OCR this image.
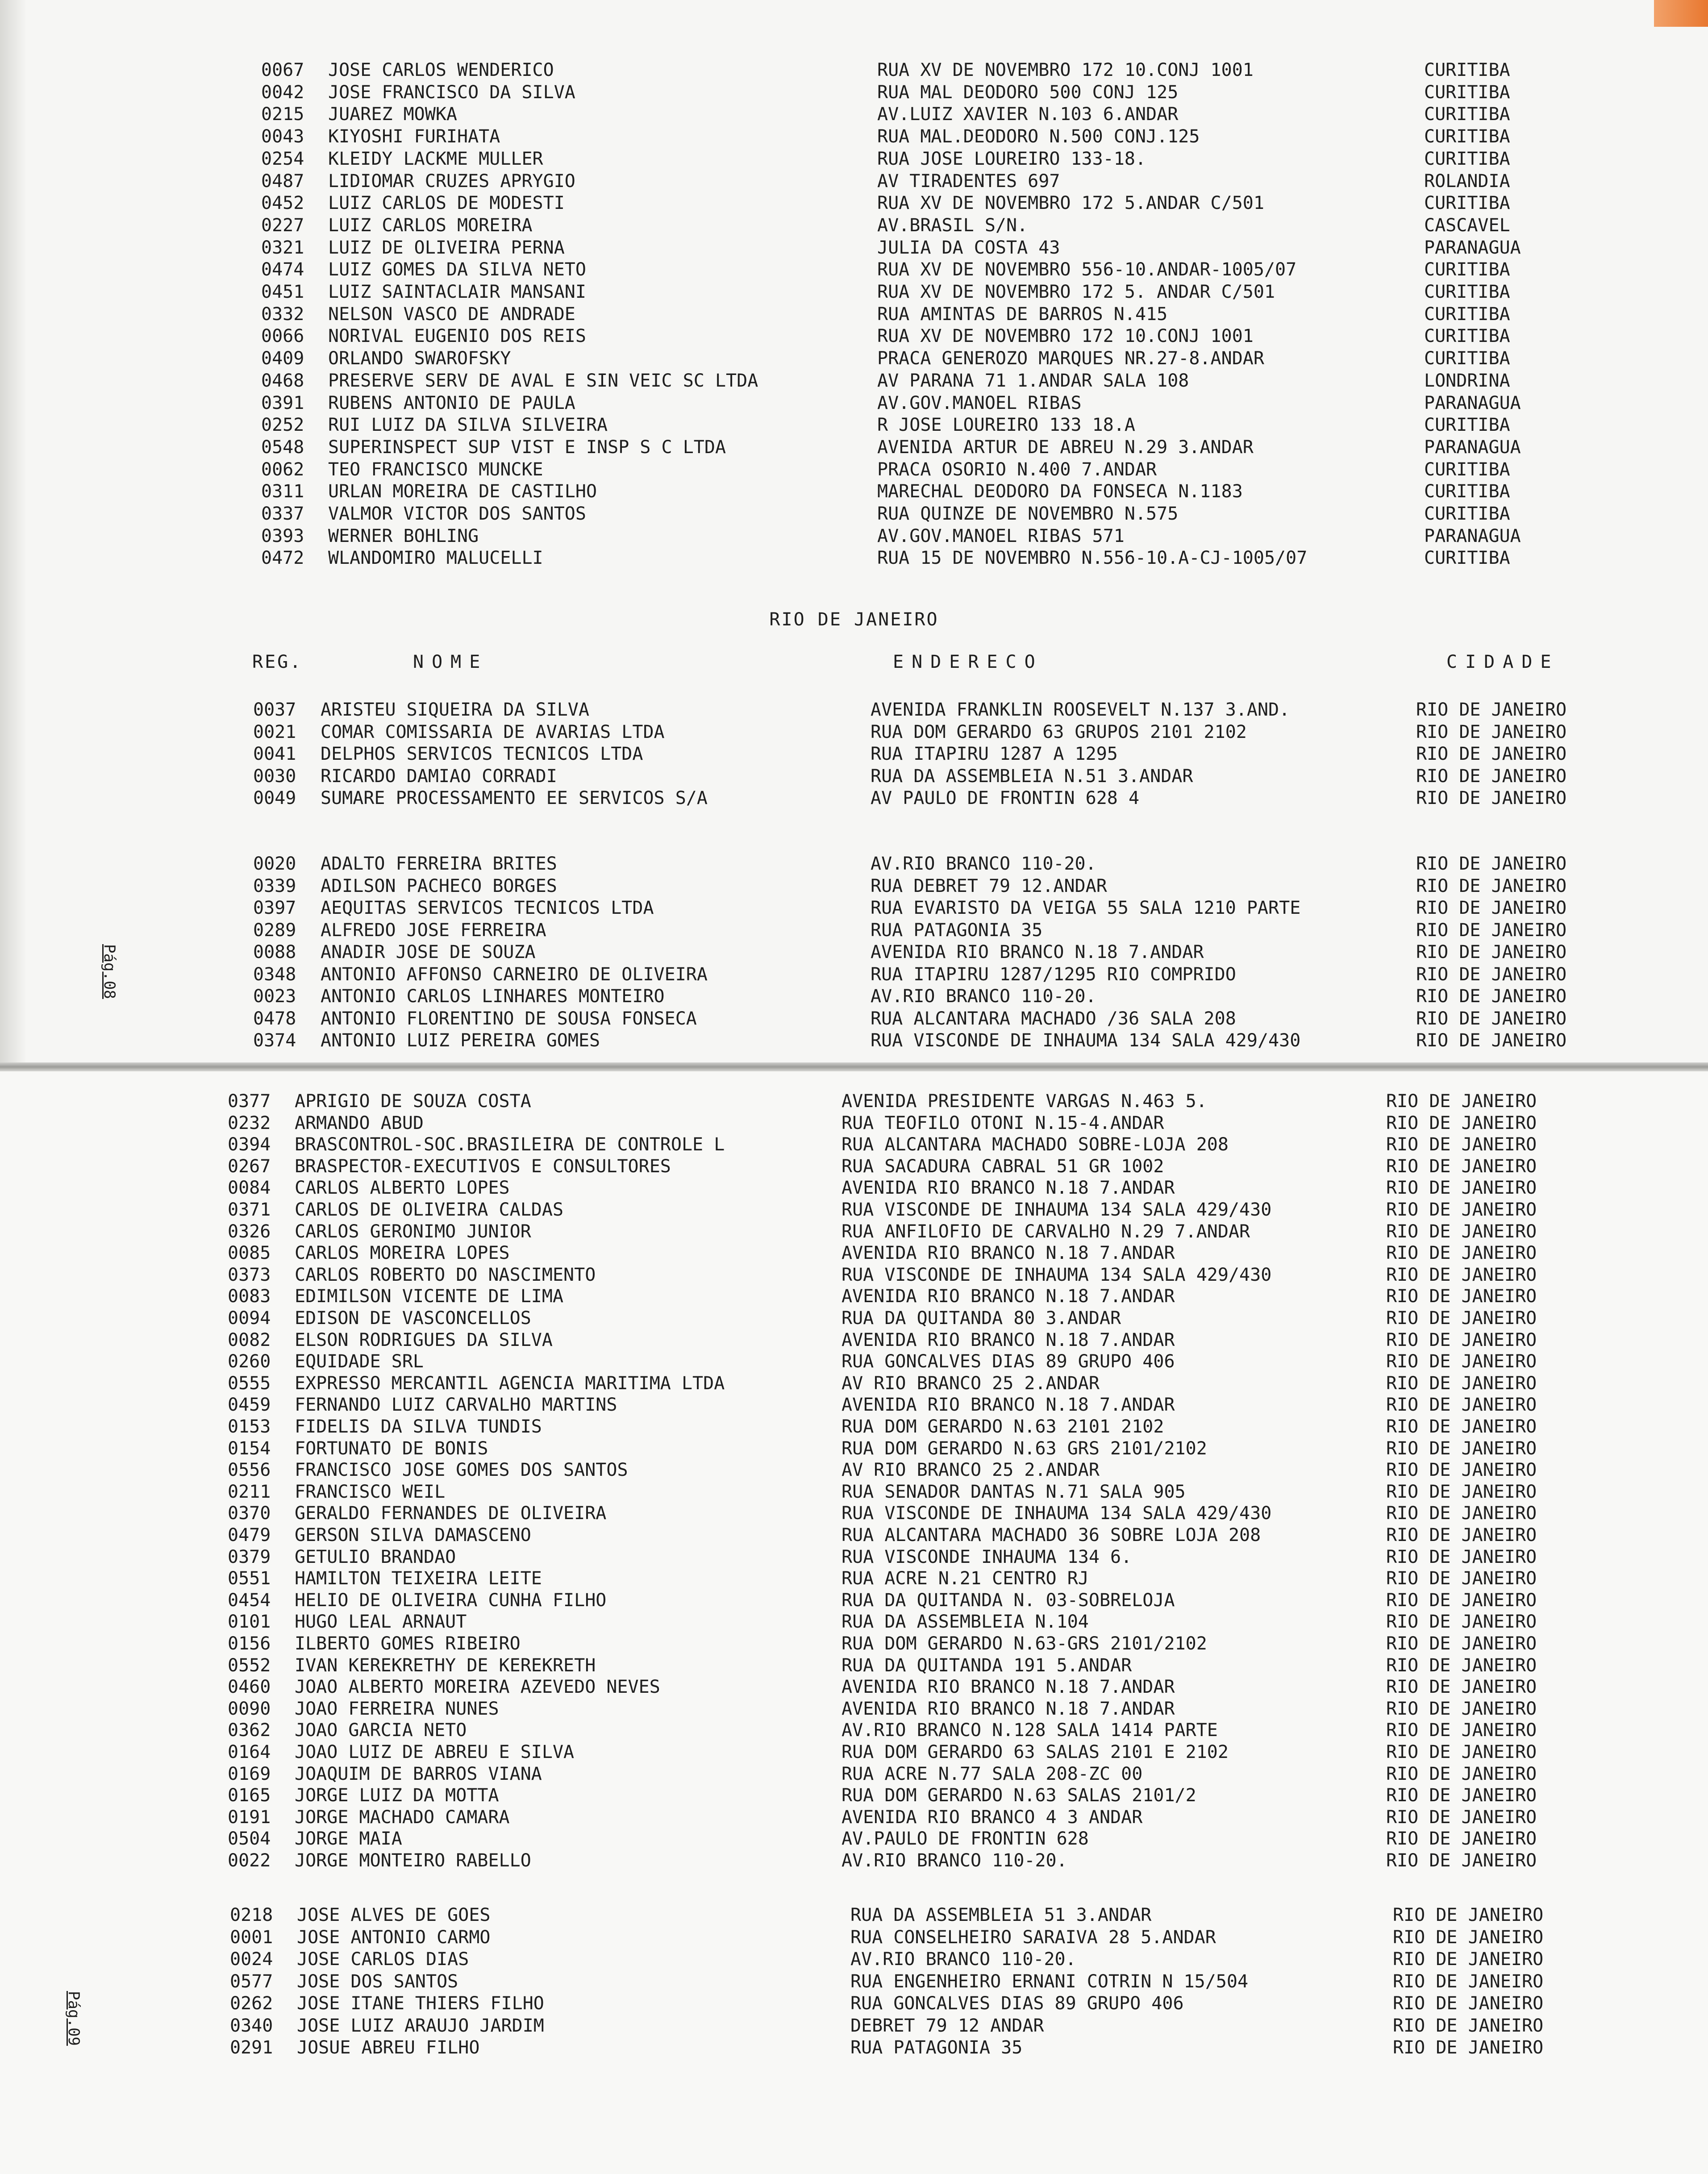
0067 JOSE CARLOS WENDERICO	RUA XV DE NOVEMBRO 172 10.CONJ 1001	CURITIBA
0042 JOSE FRANCISCO DA SILVA	RUA MAL DEODORO 500 CONJ 125	CURITIBA
0215 JUAREZ MOWKA	AV.LUIZ XAVIER N.103 6.ANDAR	CURITIBA
0043 KIYOSHI FURIHATA	RUA MAL.DEODORO N.500 CONJ.125	CURITIBA
0254 KLEIDY LACKME MULLER	RUA JOSE LOUREIRO 133-18.	CURITIBA
0487 LIDIOMAR CRUZES APRYGIO	AV TIRADENTES 697	ROLANDIA
0452 LUIZ CARLOS DE MODESTI	RUA XV DE NOVEMBRO 172 5.ANDAR C/501	CURITIBA
0227 LUIZ CARLOS MOREIRA	AV.BRASIL S/N.	CASCAVEL
0321 LUIZ DE OLIVEIRA PERNA	JULIA DA COSTA 43	PARANAGUA
0474 LUIZ GOMES DA SILVA NETO	RUA XV DE NOVEMBRO 556-10.ANDAR-1005/07	CURITIBA
0451 LUIZ SAINTACLAIR MANSANI	RUA XV DE NOVEMBRO 172 5. ANDAR C/501	CURITIBA
0332 NELSON VASCO DE ANDRADE	RUA AMINTAS DE BARROS N.415	CURITIBA
0066 NORIVAL EUGENIO DOS REIS	RUA XV DE NOVEMBRO 172 10.CONJ 1001	CURITIBA
0409 ORLANDO SWAROFSKY	PRACA GENEROZO MARQUES NR.27-8.ANDAR	CURITIBA
0468 PRESERVE SERV DE AVAL E SIN VEIC SC LTDA	AV PARANA 71 1.ANDAR SALA 108	LONDRINA
0391 RUBENS ANTONIO DE PAULA	AV.GOV.MANOEL RIBAS	PARANAGUA
0252 RUI LUIZ DA SILVA SILVEIRA	R JOSE LOUREIRO 133 18.A	CURITIBA
0548 SUPERINSPECT SUP VIST E INSP S C LTDA	AVENIDA ARTUR DE ABREU N.29 3.ANDAR	PARANAGUA
0062 TEO FRANCISCO MUNCKE	PRACA OSORIO N.400 7.ANDAR	CURITIBA
0311 URLAN MOREIRA DE CASTILHO	MARECHAL DEODORO DA FONSECA N.1183	CURITIBA
0337 VALMOR VICTOR DOS SANTOS	RUA QUINZE DE NOVEMBRO N.575	CURITIBA
0393 WERNER BOHLING	AV.GOV.MANOEL RIBAS 571	PARANAGUA
0472 WLANDOMIRO MALUCELLI	RUA 15 DE NOVEMBRO N.556-10.A-CJ-1005/07	CURITIBA
0037 ARISTEU SIQUEIRA DA SILVA	AVENIDA FRANKLIN ROOSEVELT N.137 3.AND.	RIO DE JANEIRO
0021 COMAR COMISSARIA DE AVARIAS LTDA	RUA DOM GERARDO 63 GRUPOS 2101 2102	RIO DE JANEIRO
0041 DELPHOS SERVICOS TECNICOS LTDA	RUA ITAPIRU 1287 A 1295	RIO DE JANEIRO
0030 RICARDO DAMIAO CORRADI	RUA DA ASSEMBLEIA N.51 3.ANDAR	RIO DE JANEIRO
0049 SUMARE PROCESSAMENTO EE SERVICOS S/A	AV PAULO DE FRONTIN 628 4	RIO DE JANEIRO
0020 ADALTO FERREIRA BRITES	AV.RIO BRANCO 110-20.	RIO DE JANEIRO
0339 ADILSON PACHECO BORGES	RUA DEBRET 79 12.ANDAR	RIO DE JANEIRO
0397 AEQUITAS SERVICOS TECNICOS LTDA	RUA EVARISTO DA VEIGA 55 SALA 1210 PARTE	RIO DE JANEIRO
0289 ALFREDO JOSE FERREIRA	RUA PATAGONIA 35	RIO DE JANEIRO
0088 ANADIR JOSE DE SOUZA	AVENIDA RIO BRANCO N.18 7.ANDAR	RIO DE JANEIRO
0348 ANTONIO AFFONSO CARNEIRO DE OLIVEIRA	RUA ITAPIRU 1287/1295 RIO COMPRIDO	RIO DE JANEIRO
0023 ANTONIO CARLOS LINHARES MONTEIRO	AV.RIO BRANCO 110-20.	RIO DE JANEIRO
0478 ANTONIO FLORENTINO DE SOUSA FONSECA	RUA ALCANTARA MACHADO /36 SALA 208	RIO DE JANEIRO
0374 ANTONIO LUIZ PEREIRA GOMES	RUA VISCONDE DE INHAUMA 134 SALA 429/430	RIO DE JANEIRO
0377 APRIGIO DE SOUZA COSTA	AVENIDA PRESIDENTE VARGAS N.463 5.	RIO DE JANEIRO
0232 ARMANDO ABUD	RUA TEOFILO OTONI N.15-4.ANDAR	RIO DE JANEIRO
0394 BRASCONTROL-SOC.BRASILEIRA DE CONTROLE L	RUA ALCANTARA MACHADO SOBRE-LOJA 208	RIO DE JANEIRO
0267 BRASPECTOR-EXECUTIVOS E CONSULTORES	RUA SACADURA CABRAL 51 GR 1002	RIO DE JANEIRO
0084 CARLOS ALBERTO LOPES	AVENIDA RIO BRANCO N.18 7.ANDAR	RIO DE JANEIRO
0371 CARLOS DE OLIVEIRA CALDAS	RUA VISCONDE DE INHAUMA 134 SALA 429/430	RIO DE JANEIRO
0326 CARLOS GERONIMO JUNIOR	RUA ANFILOFIO DE CARVALHO N.29 7.ANDAR	RIO DE JANEIRO
0085 CARLOS MOREIRA LOPES	AVENIDA RIO BRANCO N.18 7.ANDAR	RIO DE JANEIRO
0373 CARLOS ROBERTO DO NASCIMENTO	RUA VISCONDE DE INHAUMA 134 SALA 429/430	RIO DE JANEIRO
0083 EDIMILSON VICENTE DE LIMA	AVENIDA RIO BRANCO N.18 7.ANDAR	RIO DE JANEIRO
0094 EDISON DE VASCONCELLOS	RUA DA QUITANDA 80 3.ANDAR	RIO DE JANEIRO
0082 ELSON RODRIGUES DA SILVA	AVENIDA RIO BRANCO N.18 7.ANDAR	RIO DE JANEIRO
0260 EQUIDADE SRL	RUA GONCALVES DIAS 89 GRUPO 406	RIO DE JANEIRO
0555 EXPRESSO MERCANTIL AGENCIA MARITIMA LTDA	AV RIO BRANCO 25 2.ANDAR	RIO DE JANEIRO
0459 FERNANDO LUIZ CARVALHO MARTINS	AVENIDA RIO BRANCO N.18 7.ANDAR	RIO DE JANEIRO
0153 FIDELIS DA SILVA TUNDIS	RUA DOM GERARDO N.63 2101 2102	RIO DE JANEIRO
0154 FORTUNATO DE BONIS	RUA DOM GERARDO N.63 GRS 2101/2102	RIO DE JANEIRO
0556 FRANCISCO JOSE GOMES DOS SANTOS	AV RIO BRANCO 25 2.ANDAR	RIO DE JANEIRO
0211 FRANCISCO WEIL	RUA SENADOR DANTAS N.71 SALA 905	RIO DE JANEIRO
0370 GERALDO FERNANDES DE OLIVEIRA	RUA VISCONDE DE INHAUMA 134 SALA 429/430	RIO DE JANEIRO
0479 GERSON SILVA DAMASCENO	RUA ALCANTARA MACHADO 36 SOBRE LOJA 208	RIO DE JANEIRO
0379 GETULIO BRANDAO	RUA VISCONDE INHAUMA 134 6.	RIO DE JANEIRO
0551 HAMILTON TEIXEIRA LEITE	RUA ACRE N.21 CENTRO RJ	RIO DE JANEIRO
0454 HELIO DE OLIVEIRA CUNHA FILHO	RUA DA QUITANDA N. 03-SOBRELOJA	RIO DE JANEIRO
0101 HUGO LEAL ARNAUT	RUA DA ASSEMBLEIA N.104	RIO DE JANEIRO
0156 ILBERTO GOMES RIBEIRO	RUA DOM GERARDO N.63-GRS 2101/2102	RIO DE JANEIRO
0552 IVAN KEREKRETHY DE KEREKRETH	RUA DA QUITANDA 191 5.ANDAR	RIO DE JANEIRO
0460 JOAO ALBERTO MOREIRA AZEVEDO NEVES	AVENIDA RIO BRANCO N.18 7.ANDAR	RIO DE JANEIRO
0090 JOAO FERREIRA NUNES	AVENIDA RIO BRANCO N.18 7.ANDAR	RIO DE JANEIRO
0362 JOAO GARCIA NETO	AV.RIO BRANCO N.128 SALA 1414 PARTE	RIO DE JANEIRO
0164 JOAO LUIZ DE ABREU E SILVA	RUA DOM GERARDO 63 SALAS 2101 E 2102	RIO DE JANEIRO
0169 JOAQUIM DE BARROS VIANA	RUA ACRE N.77 SALA 208-ZC 00	RIO DE JANEIRO
0165 JORGE LUIZ DA MOTTA	RUA DOM GERARDO N.63 SALAS 2101/2	RIO DE JANEIRO
0191 JORGE MACHADO CAMARA	AVENIDA RIO BRANCO 4 3 ANDAR	RIO DE JANEIRO
0504 JORGE MAIA	AV.PAULO DE FRONTIN 628	RIO DE JANEIRO
0022 JORGE MONTEIRO RABELLO	AV.RIO BRANCO 110-20.	RIO DE JANEIRO
0218 JOSE ALVES DE GOES	RUA DA ASSEMBLEIA 51 3.ANDAR	RIO DE JANEIRO
0001 JOSE ANTONIO CARMO	RUA CONSELHEIRO SARAIVA 28 5.ANDAR	RIO DE JANEIRO
0024 JOSE CARLOS DIAS	AV.RIO BRANCO 110-20.	RIO DE JANEIRO
0577 JOSE DOS SANTOS	RUA ENGENHEIRO ERNANI COTRIN N 15/504	RIO DE JANEIRO
0262 JOSE ITANE THIERS FILHO	RUA GONCALVES DIAS 89 GRUPO 406	RIO DE JANEIRO
0340 JOSE LUIZ ARAUJO JARDIM	DEBRET 79 12 ANDAR	RIO DE JANEIRO
0291 JOSUE ABREU FILHO	RUA PATAGONIA 35	RIO DE JANEIRO
RIO DE JANEIRO
REG.	NOME	ENDERECO	CIDADE
Pág.08
Pág.09
